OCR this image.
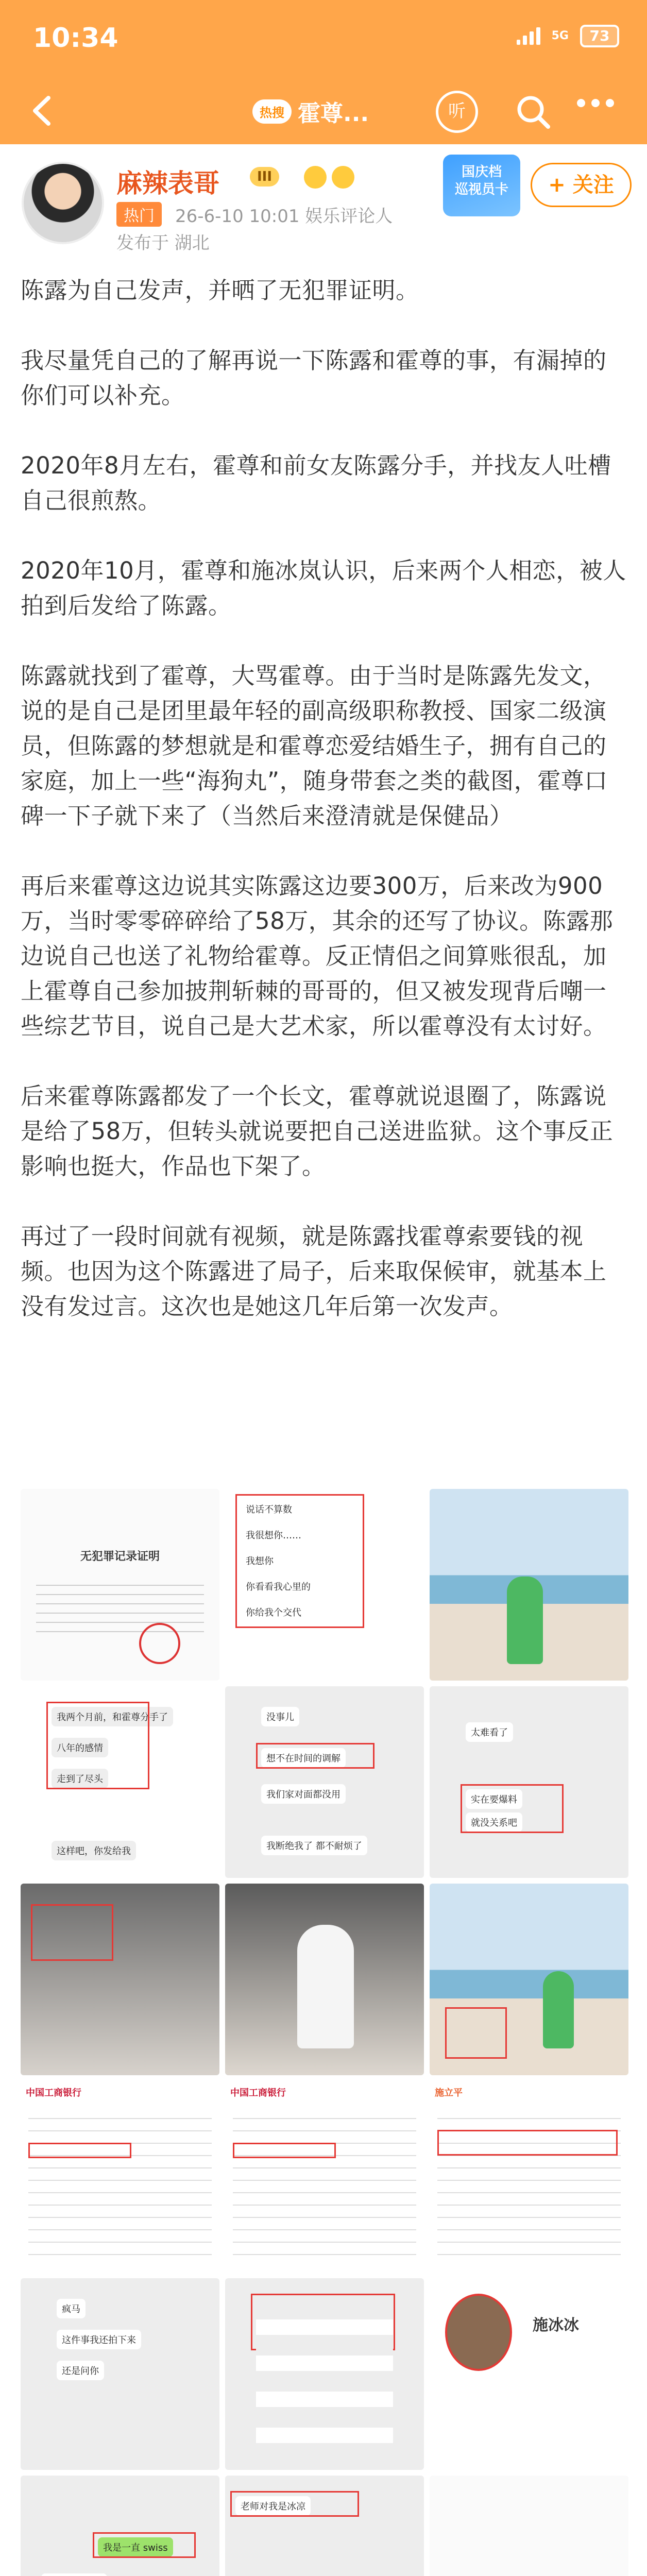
10:34	5G	73
热搜 霍尊...	听
麻辣表哥	III
热门	26-6-10 10:01 娱乐评论人
发布于 湖北
国庆档
巡视员卡	+ 关注

陈露为自己发声，并晒了无犯罪证明。

我尽量凭自己的了解再说一下陈露和霍尊的事，有漏掉的你们可以补充。

2020年8月左右，霍尊和前女友陈露分手，并找友人吐槽自己很煎熬。

2020年10月，霍尊和施冰岚认识，后来两个人相恋，被人拍到后发给了陈露。

陈露就找到了霍尊，大骂霍尊。由于当时是陈露先发文，说的是自己是团里最年轻的副高级职称教授、国家二级演员，但陈露的梦想就是和霍尊恋爱结婚生子，拥有自己的家庭，加上一些“海狗丸”，随身带套之类的截图，霍尊口碑一下子就下来了（当然后来澄清就是保健品）

再后来霍尊这边说其实陈露这边要300万，后来改为900万，当时零零碎碎给了58万，其余的还写了协议。陈露那边说自己也送了礼物给霍尊。反正情侣之间算账很乱，加上霍尊自己参加披荆斩棘的哥哥的，但又被发现背后嘲一些综艺节目，说自己是大艺术家，所以霍尊没有太讨好。

后来霍尊陈露都发了一个长文，霍尊就说退圈了，陈露说是给了58万，但转头就说要把自己送进监狱。这个事反正影响也挺大，作品也下架了。

再过了一段时间就有视频，就是陈露找霍尊索要钱的视频。也因为这个陈露进了局子，后来取保候审，就基本上没有发过言。这次也是她这几年后第一次发声。

无犯罪记录证明
说话不算数
我很想你……
我想你
你看看我心里的
你给我个交代
我两个月前，和霍尊分手了
八年的感情
走到了尽头
这样吧，你发给我
没事儿
想不在时间的调解
我们家对面都没用
我断绝我了 都不耐烦了
太难看了
实在要爆料
就没关系吧
中国工商银行	中国工商银行	施立平
疯马
这件事我还拍下来
还是问你
施冰冰
我是一直 swiss
老师对我是冰凉
